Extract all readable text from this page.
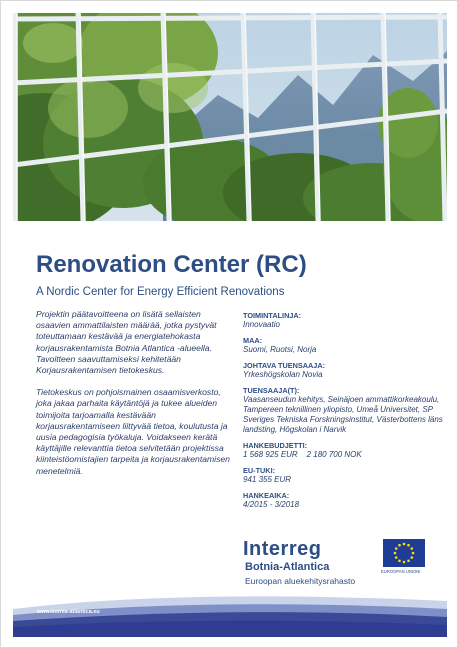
Renovation Center (RC)
A Nordic Center for Energy Efficient Renovations

Projektin päätavoitteena on lisätä sellaisten osaavien ammattilaisten määrää, jotka pystyvät toteuttamaan kestävää ja energiatehokasta korjausrakentamista Botnia Atlantica -alueella. Tavoitteen saavuttamiseksi kehitetään Korjausrakentamisen tietokeskus.

Tietokeskus on pohjoismainen osaamisverkosto, joka jakaa parhaita käytäntöjä ja tukee alueiden toimijoita tarjoamalla kestävään korjausrakentamiseen liittyvää tietoa, koulutusta ja uusia pedagogisia työkaluja. Voidakseen kerätä käyttäjille relevanttia tietoa selvitetään projektissa kiinteistöomistajien tarpeita ja korjausrakentamisen menetelmiä.

TOIMINTALINJA:

Innovaatio

MAA:

Suomi, Ruotsi, Norja

JOHTAVA TUENSAAJA:

Yrkeshögskolan Novia

TUENSAAJA(T):

Vaasanseudun kehitys, Seinäjoen ammattikorkeakoulu, Tampereen teknillinen yliopisto, Umeå Universitet, SP Sveriges Tekniska Forskningsinstitut, Västerbottens läns landsting, Högskolan i Narvik

HANKEBUDJETTI:

1 568 925 EUR    2 180 700 NOK

EU-TUKI:

941 355 EUR

HANKEAIKA:

4/2015 - 3/2018

Interreg
Botnia-Atlantica
Euroopan aluekehitysrahasto
EUROOPAN UNIONI
www.botnia-atlantica.eu
